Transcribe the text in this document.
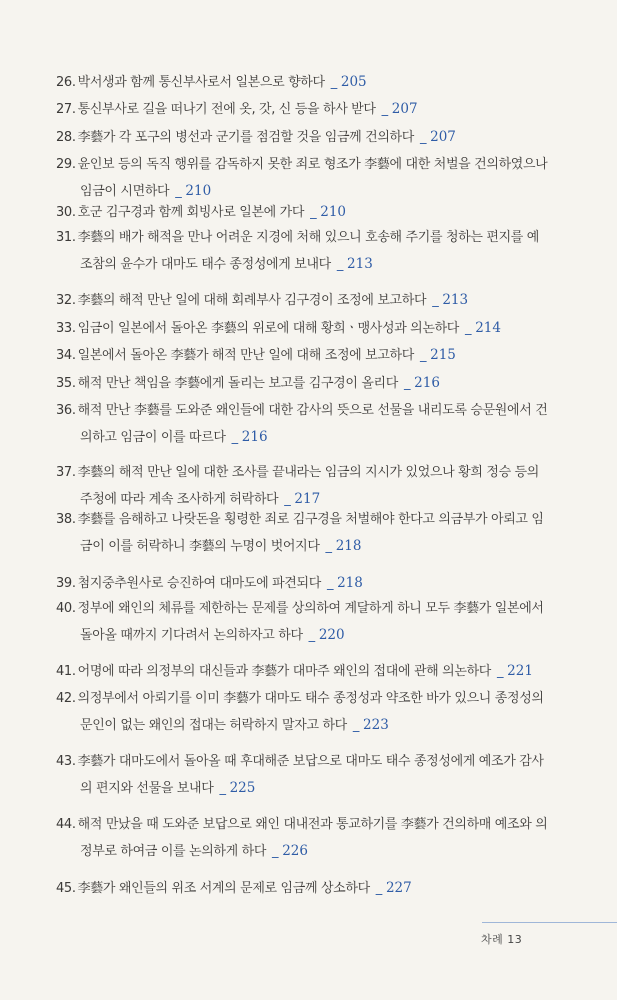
26. 박서생과 함께 통신부사로서 일본으로 향하다 _ 205
27. 통신부사로 길을 떠나기 전에 옷, 갓, 신 등을 하사 받다 _ 207
28. 李藝가 각 포구의 병선과 군기를 점검할 것을 임금께 건의하다 _ 207
29. 윤인보 등의 독직 행위를 감독하지 못한 죄로 형조가 李藝에 대한 처벌을 건의하였으나
임금이 시면하다 _ 210
30. 호군 김구경과 함께 회빙사로 일본에 가다 _ 210
31. 李藝의 배가 해적을 만나 어려운 지경에 처해 있으니 호송해 주기를 청하는 편지를 예
조참의 윤수가 대마도 태수 종정성에게 보내다 _ 213
32. 李藝의 해적 만난 일에 대해 회례부사 김구경이 조정에 보고하다 _ 213
33. 임금이 일본에서 돌아온 李藝의 위로에 대해 황희ㆍ맹사성과 의논하다 _ 214
34. 일본에서 돌아온 李藝가 해적 만난 일에 대해 조정에 보고하다 _ 215
35. 해적 만난 책임을 李藝에게 돌리는 보고를 김구경이 올리다 _ 216
36. 해적 만난 李藝를 도와준 왜인들에 대한 감사의 뜻으로 선물을 내리도록 승문원에서 건
의하고 임금이 이를 따르다 _ 216
37. 李藝의 해적 만난 일에 대한 조사를 끝내라는 임금의 지시가 있었으나 황희 정승 등의
주청에 따라 계속 조사하게 허락하다 _ 217
38. 李藝를 음해하고 나랏돈을 횡령한 죄로 김구경을 처벌해야 한다고 의금부가 아뢰고 임
금이 이를 허락하니 李藝의 누명이 벗어지다 _ 218
39. 첨지중추원사로 승진하여 대마도에 파견되다 _ 218
40. 정부에 왜인의 체류를 제한하는 문제를 상의하여 계달하게 하니 모두 李藝가 일본에서
돌아올 때까지 기다려서 논의하자고 하다 _ 220
41. 어명에 따라 의정부의 대신들과 李藝가 대마주 왜인의 접대에 관해 의논하다 _ 221
42. 의정부에서 아뢰기를 이미 李藝가 대마도 태수 종정성과 약조한 바가 있으니 종정성의
문인이 없는 왜인의 접대는 허락하지 말자고 하다 _ 223
43. 李藝가 대마도에서 돌아올 때 후대해준 보답으로 대마도 태수 종정성에게 예조가 감사
의 편지와 선물을 보내다 _ 225
44. 해적 만났을 때 도와준 보답으로 왜인 대내전과 통교하기를 李藝가 건의하매 예조와 의
정부로 하여금 이를 논의하게 하다 _ 226
45. 李藝가 왜인들의 위조 서계의 문제로 임금께 상소하다 _ 227
차례 13
